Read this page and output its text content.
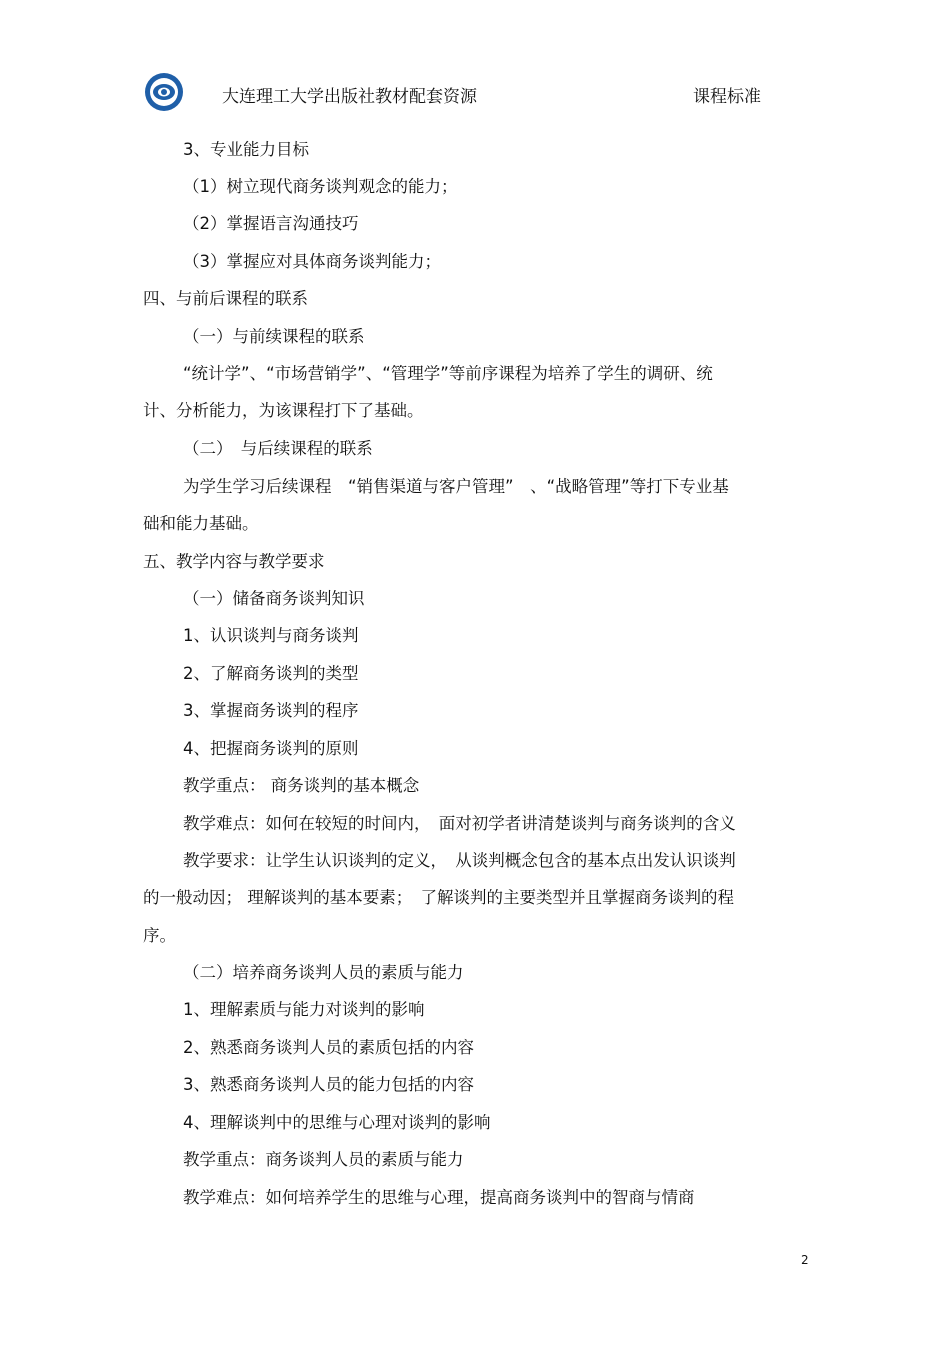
大连理工大学出版社教材配套资源	课程标准
3、专业能力目标
（1）树立现代商务谈判观念的能力；
（2）掌握语言沟通技巧
（3）掌握应对具体商务谈判能力；
四、与前后课程的联系
（一）与前续课程的联系
“统计学”、“市场营销学”、“管理学”等前序课程为培养了学生的调研、统
计、分析能力，为该课程打下了基础。
（二）　与后续课程的联系
为学生学习后续课程　“销售渠道与客户管理”　、“战略管理”等打下专业基
础和能力基础。
五、教学内容与教学要求
（一）储备商务谈判知识
1、认识谈判与商务谈判
2、了解商务谈判的类型
3、掌握商务谈判的程序
4、把握商务谈判的原则
教学重点： 商务谈判的基本概念
教学难点：如何在较短的时间内，　面对初学者讲清楚谈判与商务谈判的含义
教学要求：让学生认识谈判的定义，　从谈判概念包含的基本点出发认识谈判
的一般动因； 理解谈判的基本要素；　了解谈判的主要类型并且掌握商务谈判的程
序。
（二）培养商务谈判人员的素质与能力
1、理解素质与能力对谈判的影响
2、熟悉商务谈判人员的素质包括的内容
3、熟悉商务谈判人员的能力包括的内容
4、理解谈判中的思维与心理对谈判的影响
教学重点：商务谈判人员的素质与能力
教学难点：如何培养学生的思维与心理，提高商务谈判中的智商与情商
2
